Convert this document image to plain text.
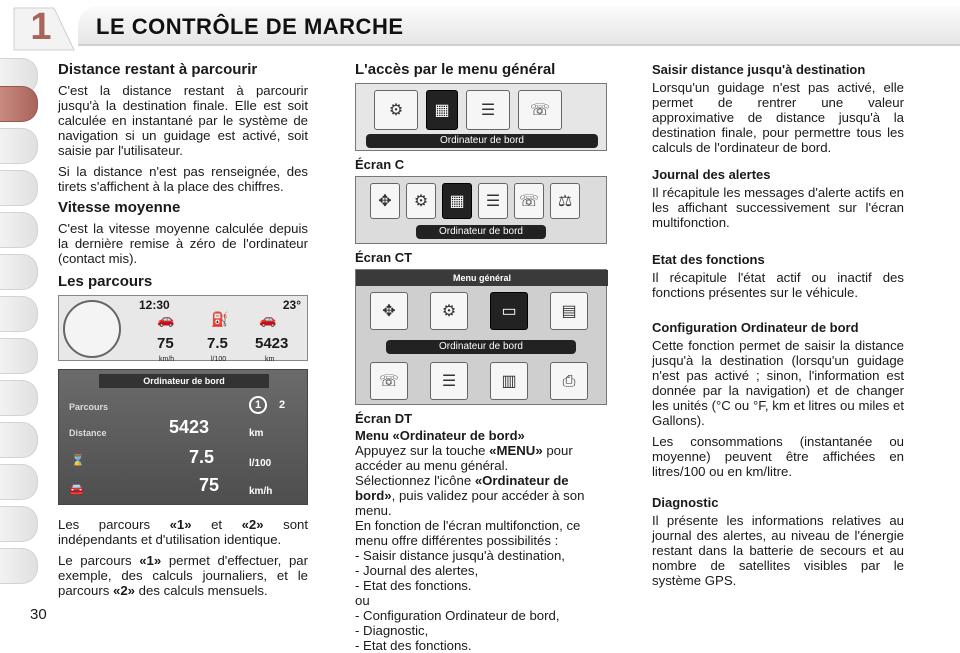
1 LE CONTRÔLE DE MARCHE
Distance restant à parcourir

C'est la distance restant à parcourir jusqu'à la destination finale. Elle est soit calculée en instantané par le système de navigation si un guidage est activé, soit saisie par l'utilisateur.

Si la distance n'est pas renseignée, des tirets s'affichent à la place des chiffres.

Vitesse moyenne

C'est la vitesse moyenne calculée depuis la dernière remise à zéro de l'ordinateur (contact mis).

Les parcours
12:30	23°
🚗	⛽ 🚗
75 7.5 5423
km/h	l/100	km
Ordinateur de bord
Parcours	1	2
Distance	5423	km
⌛	7.5	l/100
🚘	75	km/h

Les parcours «1» et «2» sont indépendants et d'utilisation identique.

Le parcours «1» permet d'effectuer, par exemple, des calculs journaliers, et le parcours «2» des calculs mensuels.

L'accès par le menu général
⚙	▦	☰	☏
Ordinateur de bord
Écran C
✥	⚙	▦	☰	☏	⚖
Ordinateur de bord
Écran CT
Menu général
✥	⚙	▭	▤
Ordinateur de bord
☏	☰	▥	⎙
Écran DT
Menu «Ordinateur de bord»

Appuyez sur la touche «MENU» pour accéder au menu général.

Sélectionnez l'icône «Ordinateur de bord», puis validez pour accéder à son menu.

En fonction de l'écran multifonction, ce menu offre différentes possibilités :

- Saisir distance jusqu'à destination,

- Journal des alertes,

- Etat des fonctions.

ou

- Configuration Ordinateur de bord,

- Diagnostic,

- Etat des fonctions.

Saisir distance jusqu'à destination

Lorsqu'un guidage n'est pas activé, elle permet de rentrer une valeur approximative de distance jusqu'à la destination finale, pour permettre tous les calculs de l'ordinateur de bord.

Journal des alertes

Il récapitule les messages d'alerte actifs en les affichant successivement sur l'écran multifonction.

Etat des fonctions

Il récapitule l'état actif ou inactif des fonctions présentes sur le véhicule.

Configuration Ordinateur de bord

Cette fonction permet de saisir la distance jusqu'à la destination (lorsqu'un guidage n'est pas activé ; sinon, l'information est donnée par la navigation) et de changer les unités (°C ou °F, km et litres ou miles et Gallons).

Les consommations (instantanée ou moyenne) peuvent être affichées en litres/100 ou en km/litre.

Diagnostic

Il présente les informations relatives au journal des alertes, au niveau de l'énergie restant dans la batterie de secours et au nombre de satellites visibles par le système GPS.

30
